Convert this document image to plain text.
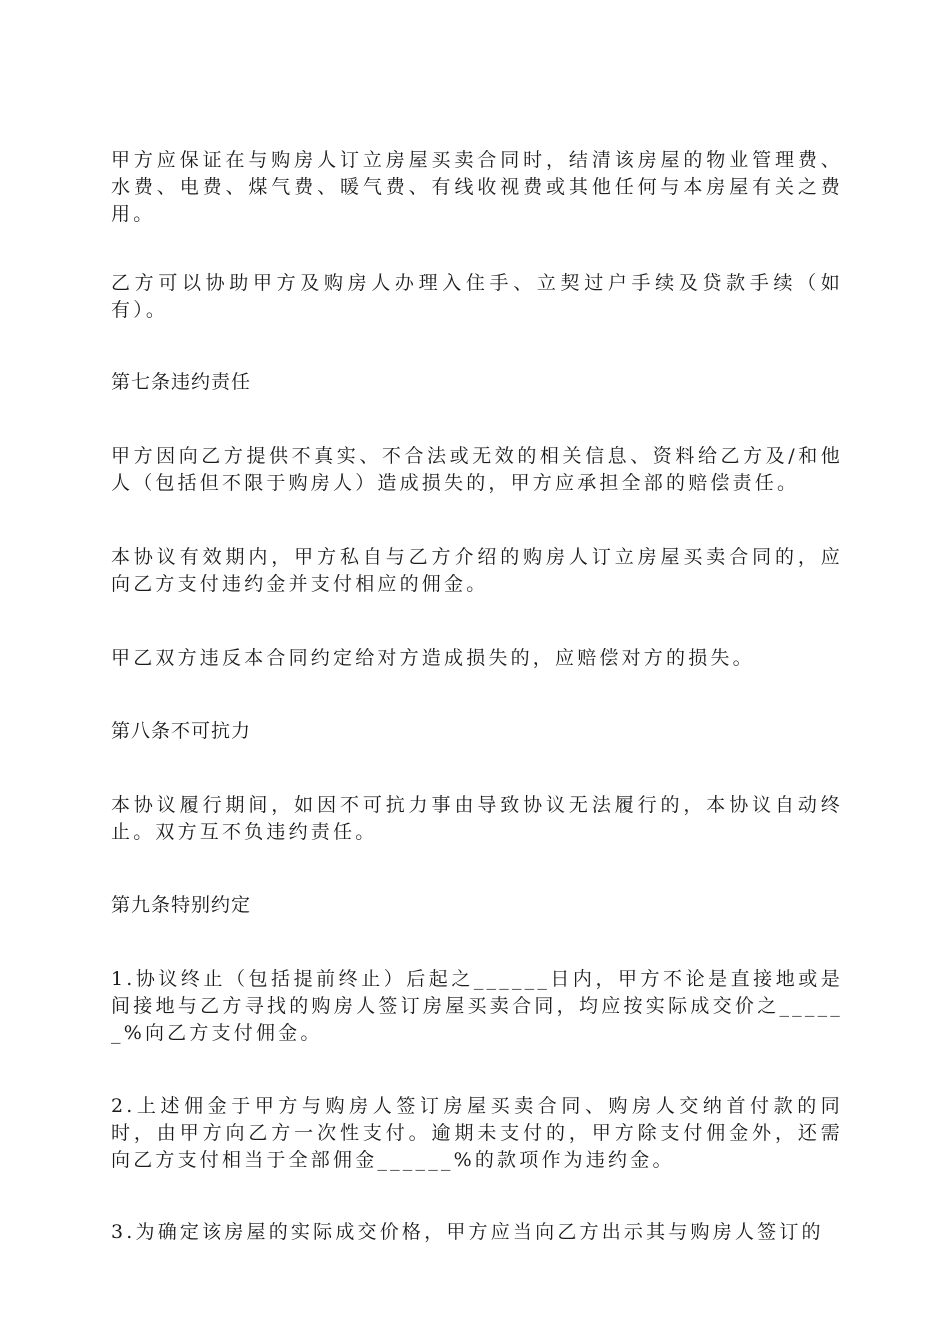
甲方应保证在与购房人订立房屋买卖合同时，结清该房屋的物业管理费、水费、电费、煤气费、暖气费、有线收视费或其他任何与本房屋有关之费用。

乙方可以协助甲方及购房人办理入住手、立契过户手续及贷款手续（如有）。

第七条违约责任

甲方因向乙方提供不真实、不合法或无效的相关信息、资料给乙方及/和他人（包括但不限于购房人）造成损失的，甲方应承担全部的赔偿责任。

本协议有效期内，甲方私自与乙方介绍的购房人订立房屋买卖合同的，应向乙方支付违约金并支付相应的佣金。

甲乙双方违反本合同约定给对方造成损失的，应赔偿对方的损失。

第八条不可抗力

本协议履行期间，如因不可抗力事由导致协议无法履行的，本协议自动终止。双方互不负违约责任。

第九条特别约定

1.协议终止（包括提前终止）后起之______日内，甲方不论是直接地或是间接地与乙方寻找的购房人签订房屋买卖合同，均应按实际成交价之______%向乙方支付佣金。

2.上述佣金于甲方与购房人签订房屋买卖合同、购房人交纳首付款的同时，由甲方向乙方一次性支付。逾期未支付的，甲方除支付佣金外，还需向乙方支付相当于全部佣金______%的款项作为违约金。

3.为确定该房屋的实际成交价格，甲方应当向乙方出示其与购房人签订的
